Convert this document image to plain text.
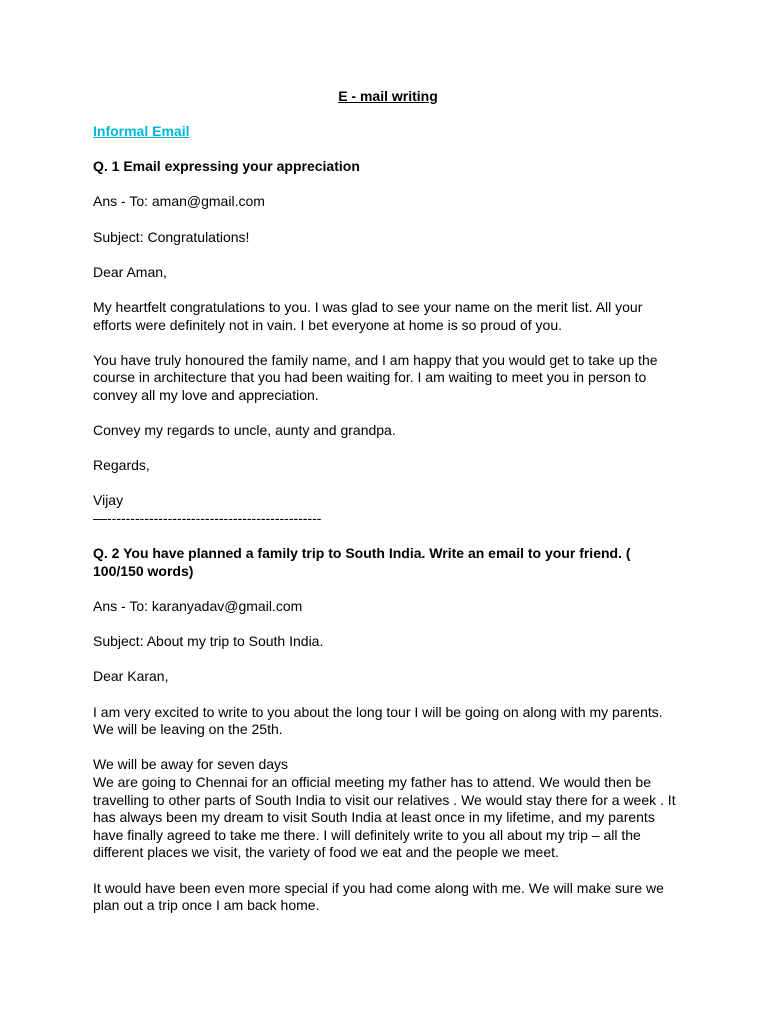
E - mail writing

Informal Email

Q. 1 Email expressing your appreciation

Ans - To: aman@gmail.com

Subject: Congratulations!

Dear Aman,

My heartfelt congratulations to you. I was glad to see your name on the merit list. All your efforts were definitely not in vain. I bet everyone at home is so proud of you.

You have truly honoured the family name, and I am happy that you would get to take up the course in architecture that you had been waiting for. I am waiting to meet you in person to convey all my love and appreciation.

Convey my regards to uncle, aunty and grandpa.

Regards,

Vijay

—----------------------------------------------

Q. 2 You have planned a family trip to South India. Write an email to your friend. ( 100/150 words)

Ans - To: karanyadav@gmail.com

Subject: About my trip to South India.

Dear Karan,

I am very excited to write to you about the long tour I will be going on along with my parents. We will be leaving on the 25th.

We will be away for seven days

We are going to Chennai for an official meeting my father has to attend. We would then be travelling to other parts of South India to visit our relatives . We would stay there for a week . It has always been my dream to visit South India at least once in my lifetime, and my parents have finally agreed to take me there. I will definitely write to you all about my trip – all the different places we visit, the variety of food we eat and the people we meet.

It would have been even more special if you had come along with me. We will make sure we plan out a trip once I am back home.
